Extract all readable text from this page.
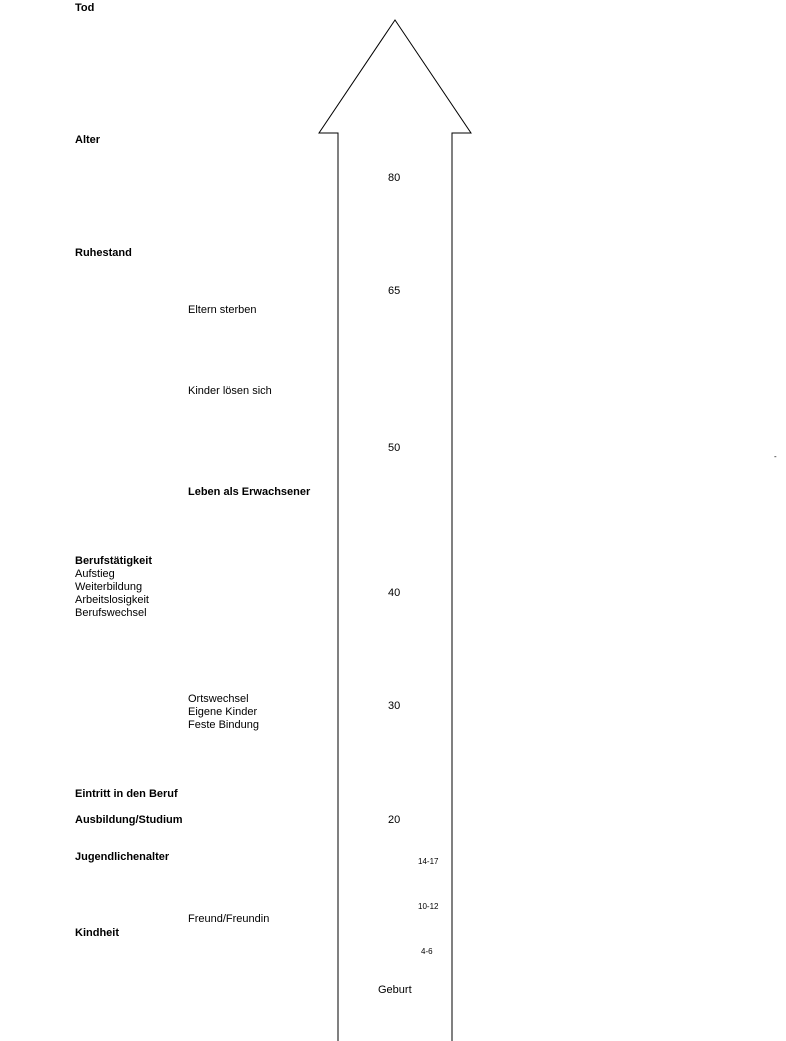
Tod
Alter
Ruhestand
Berufstätigkeit
Aufstieg
Weiterbildung
Arbeitslosigkeit
Berufswechsel
Eintritt in den Beruf
Ausbildung/Studium
Jugendlichenalter
Kindheit
Eltern sterben
Kinder lösen sich
Leben als Erwachsener
Ortswechsel
Eigene Kinder
Feste Bindung
Freund/Freundin
80
65
50
40
30
20
14-17
10-12
4-6
Geburt
-
